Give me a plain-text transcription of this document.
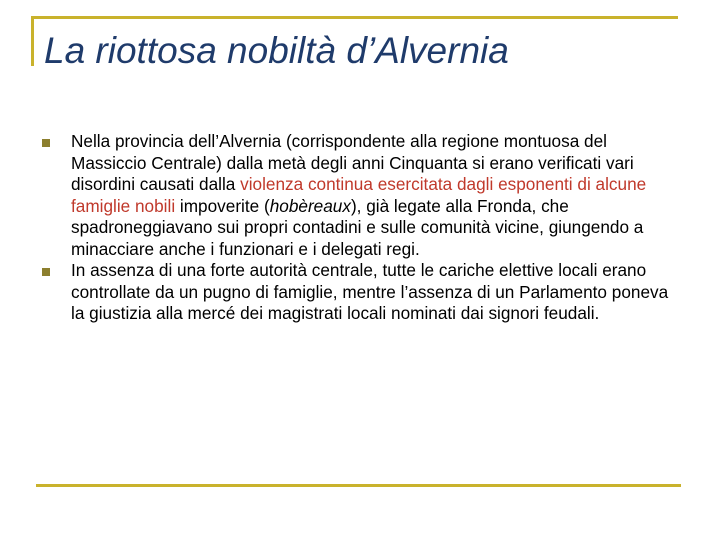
La riottosa nobiltà d’Alvernia
Nella provincia dell’Alvernia (corrispondente alla regione montuosa del Massiccio Centrale) dalla metà degli anni Cinquanta si erano verificati vari disordini causati dalla violenza continua esercitata dagli esponenti di alcune famiglie nobili impoverite (hobèreaux), già legate alla Fronda, che spadroneggiavano sui propri contadini e sulle comunità vicine, giungendo a minacciare anche i funzionari e i delegati regi.
In assenza di una forte autorità centrale, tutte le cariche elettive locali erano controllate da un pugno di famiglie, mentre l’assenza di un Parlamento poneva la giustizia alla mercé dei magistrati locali nominati dai signori feudali.
